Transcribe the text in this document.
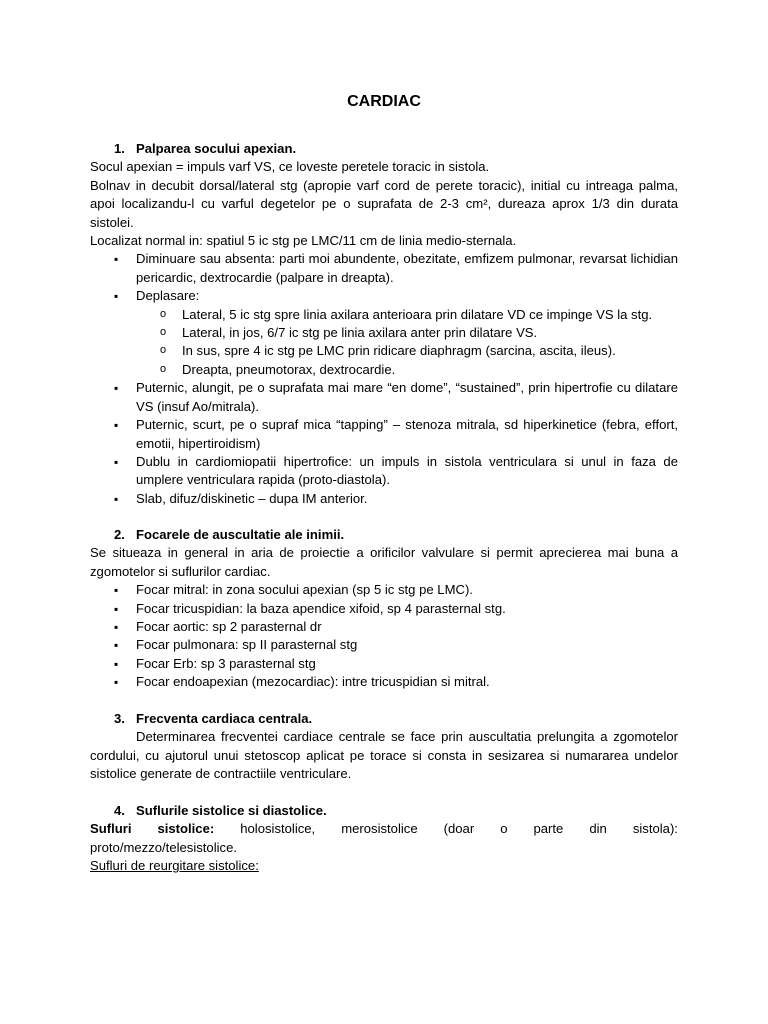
CARDIAC
1. Palparea socului apexian.

Socul apexian = impuls varf VS, ce loveste peretele toracic in sistola.

Bolnav in decubit dorsal/lateral stg (apropie varf cord de perete toracic), initial cu intreaga palma, apoi localizandu-l cu varful degetelor pe o suprafata de 2-3 cm², dureaza aprox 1/3 din durata sistolei.

Localizat normal in: spatiul 5 ic stg pe LMC/11 cm de linia medio-sternala.

▪ Diminuare sau absenta: parti moi abundente, obezitate, emfizem pulmonar, revarsat lichidian pericardic, dextrocardie (palpare in dreapta).
▪ Deplasare:
o Lateral, 5 ic stg spre linia axilara anterioara prin dilatare VD ce impinge VS la stg.
o Lateral, in jos, 6/7 ic stg pe linia axilara anter prin dilatare VS.
o In sus, spre 4 ic stg pe LMC prin ridicare diaphragm (sarcina, ascita, ileus).
o Dreapta, pneumotorax, dextrocardie.
▪ Puternic, alungit, pe o suprafata mai mare “en dome”, “sustained”, prin hipertrofie cu dilatare VS (insuf Ao/mitrala).
▪ Puternic, scurt, pe o supraf mica “tapping” – stenoza mitrala, sd hiperkinetice (febra, effort, emotii, hipertiroidism)
▪ Dublu in cardiomiopatii hipertrofice: un impuls in sistola ventriculara si unul in faza de umplere ventriculara rapida (proto-diastola).
▪ Slab, difuz/diskinetic – dupa IM anterior.
2. Focarele de auscultatie ale inimii.

Se situeaza in general in aria de proiectie a orificilor valvulare si permit aprecierea mai buna a zgomotelor si suflurilor cardiac.

▪ Focar mitral: in zona socului apexian (sp 5 ic stg pe LMC).
▪ Focar tricuspidian: la baza apendice xifoid, sp 4 parasternal stg.
▪ Focar aortic: sp 2 parasternal dr
▪ Focar pulmonara: sp II parasternal stg
▪ Focar Erb: sp 3 parasternal stg
▪ Focar endoapexian (mezocardiac): intre tricuspidian si mitral.
3. Frecventa cardiaca centrala.

Determinarea frecventei cardiace centrale se face prin auscultatia prelungita a zgomotelor cordului, cu ajutorul unui stetoscop aplicat pe torace si consta in sesizarea si numararea undelor sistolice generate de contractiile ventriculare.

4. Suflurile sistolice si diastolice.
Sufluri sistolice: holosistolice, merosistolice (doar o parte din sistola):

proto/mezzo/telesistolice.

Sufluri de reurgitare sistolice:
